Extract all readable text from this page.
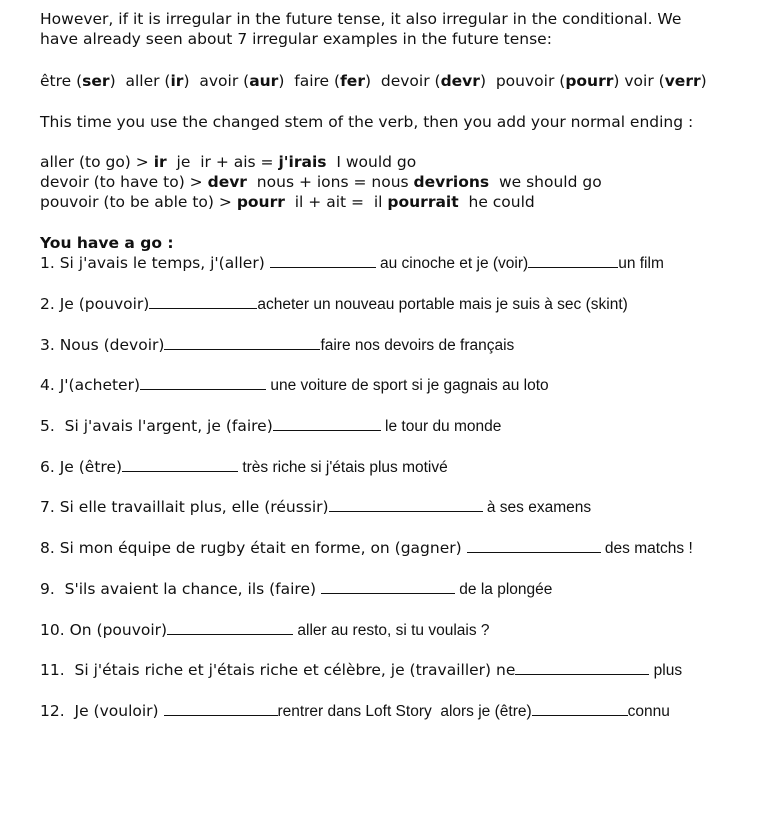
However, if it is irregular in the future tense, it also irregular in the conditional. We
have already seen about 7 irregular examples in the future tense:
être (ser)  aller (ir)  avoir (aur)  faire (fer)  devoir (devr)  pouvoir (pourr) voir (verr)
This time you use the changed stem of the verb, then you add your normal ending :
aller (to go) > ir  je  ir + ais = j'irais  I would go
devoir (to have to) > devr  nous + ions = nous devrions  we should go
pouvoir (to be able to) > pourr  il + ait =  il pourrait  he could
You have a go :
1. Si j'avais le temps, j'(aller)	au cinoche et je (voir)	un film
2. Je (pouvoir)	acheter un nouveau portable mais je suis à sec (skint)
3. Nous (devoir)	faire nos devoirs de français
4. J'(acheter)	une voiture de sport si je gagnais au loto
5.  Si j'avais l'argent, je (faire)	le tour du monde
6. Je (être)	très riche si j'étais plus motivé
7. Si elle travaillait plus, elle (réussir)	à ses examens
8. Si mon équipe de rugby était en forme, on (gagner)	des matchs !
9.  S'ils avaient la chance, ils (faire)	de la plongée
10. On (pouvoir)	aller au resto, si tu voulais ?
11.  Si j'étais riche et j'étais riche et célèbre, je (travailler) ne	plus
12.  Je (vouloir)	rentrer dans Loft Story  alors je (être)	connu
